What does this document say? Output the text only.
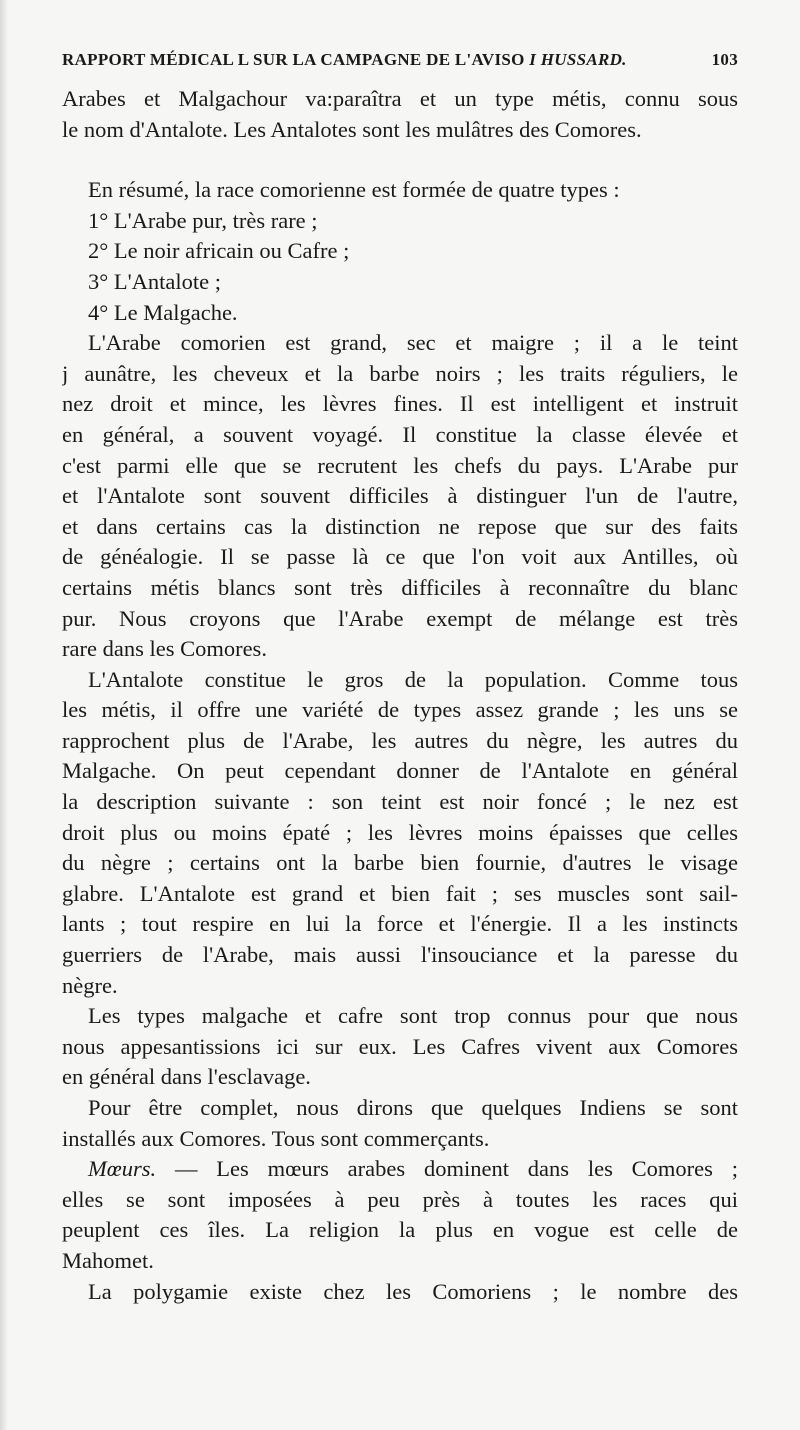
RAPPORT MÉDICAL L SUR LA CAMPAGNE DE L'AVISO I HUSSARD.	103
Arabes et Malgachour va:paraîtra et un type métis, connu sous
le nom d'Antalote. Les Antalotes sont les mulâtres des Comores.
En résumé, la race comorienne est formée de quatre types :
1° L'Arabe pur, très rare ;
2° Le noir africain ou Cafre ;
3° L'Antalote ;
4° Le Malgache.
L'Arabe comorien est grand, sec et maigre ; il a le teint
j aunâtre, les cheveux et la barbe noirs ; les traits réguliers, le
nez droit et mince, les lèvres fines. Il est intelligent et instruit
en général, a souvent voyagé. Il constitue la classe élevée et
c'est parmi elle que se recrutent les chefs du pays. L'Arabe pur
et l'Antalote sont souvent difficiles à distinguer l'un de l'autre,
et dans certains cas la distinction ne repose que sur des faits
de généalogie. Il se passe là ce que l'on voit aux Antilles, où
certains métis blancs sont très difficiles à reconnaître du blanc
pur. Nous croyons que l'Arabe exempt de mélange est très
rare dans les Comores.
L'Antalote constitue le gros de la population. Comme tous
les métis, il offre une variété de types assez grande ; les uns se
rapprochent plus de l'Arabe, les autres du nègre, les autres du
Malgache. On peut cependant donner de l'Antalote en général
la description suivante : son teint est noir foncé ; le nez est
droit plus ou moins épaté ; les lèvres moins épaisses que celles
du nègre ; certains ont la barbe bien fournie, d'autres le visage
glabre. L'Antalote est grand et bien fait ; ses muscles sont sail-
lants ; tout respire en lui la force et l'énergie. Il a les instincts
guerriers de l'Arabe, mais aussi l'insouciance et la paresse du
nègre.
Les types malgache et cafre sont trop connus pour que nous
nous appesantissions ici sur eux. Les Cafres vivent aux Comores
en général dans l'esclavage.
Pour être complet, nous dirons que quelques Indiens se sont
installés aux Comores. Tous sont commerçants.
Mœurs. — Les mœurs arabes dominent dans les Comores ;
elles se sont imposées à peu près à toutes les races qui
peuplent ces îles. La religion la plus en vogue est celle de
Mahomet.
La polygamie existe chez les Comoriens ; le nombre des
